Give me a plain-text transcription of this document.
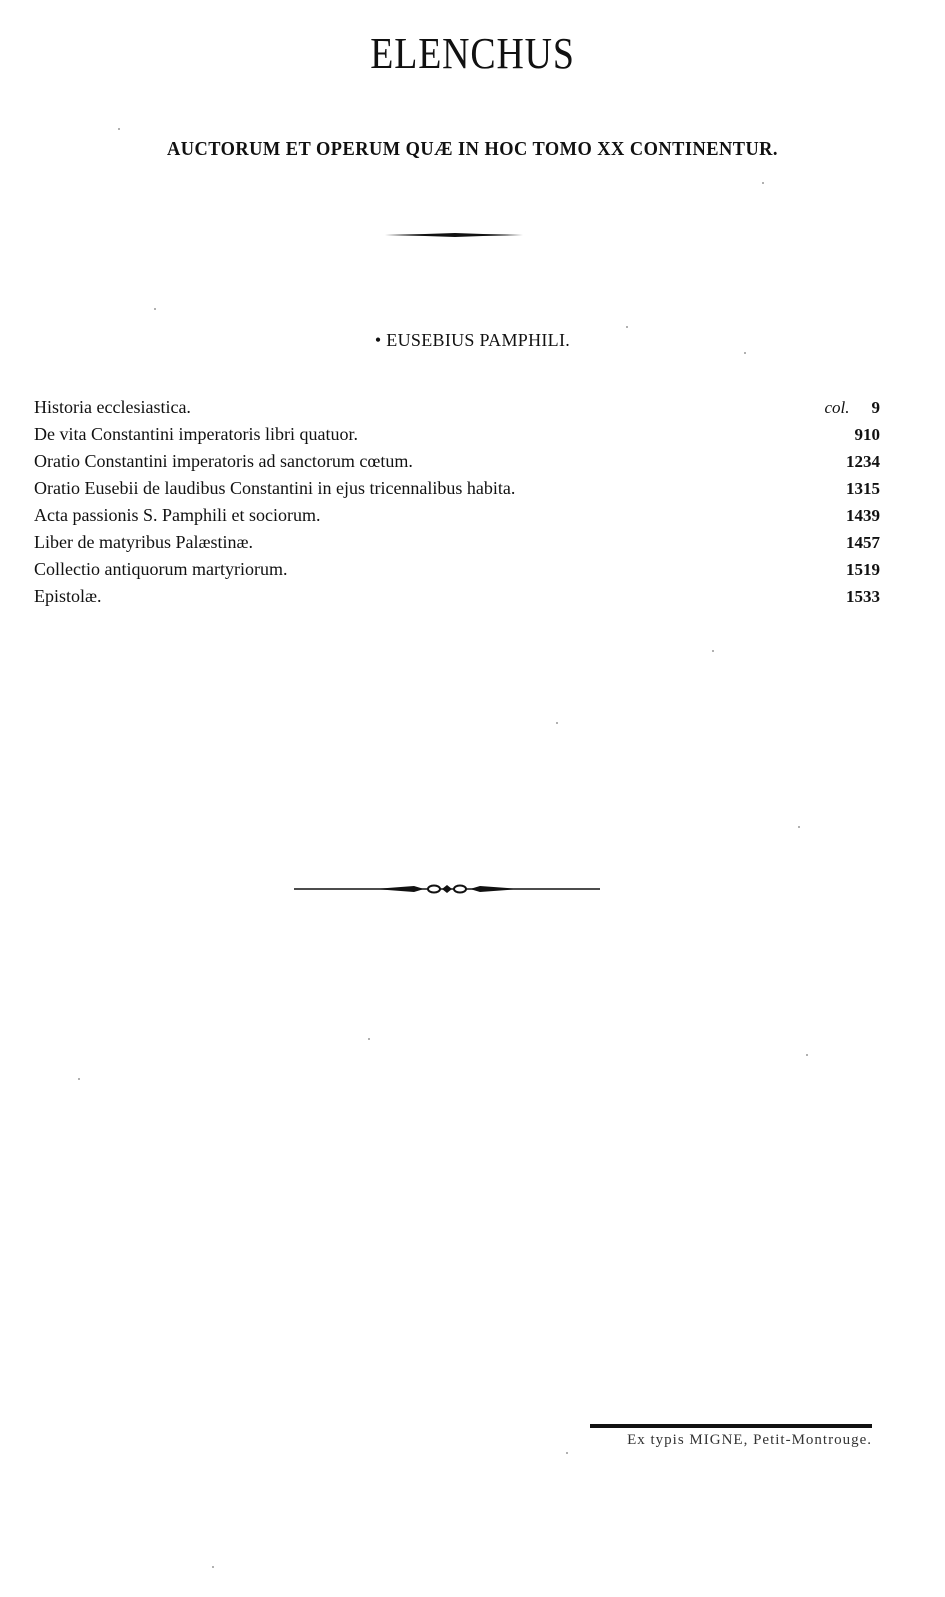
ELENCHUS
AUCTORUM ET OPERUM QUÆ IN HOC TOMO XX CONTINENTUR.
• EUSEBIUS PAMPHILI.
Historia ecclesiastica.	col. 9
De vita Constantini imperatoris libri quatuor.	910
Oratio Constantini imperatoris ad sanctorum cœtum.	1234
Oratio Eusebii de laudibus Constantini in ejus tricennalibus habita.	1315
Acta passionis S. Pamphili et sociorum.	1439
Liber de matyribus Palæstinæ.	1457
Collectio antiquorum martyriorum.	1519
Epistolæ.	1533
Ex typis MIGNE, Petit-Montrouge.
